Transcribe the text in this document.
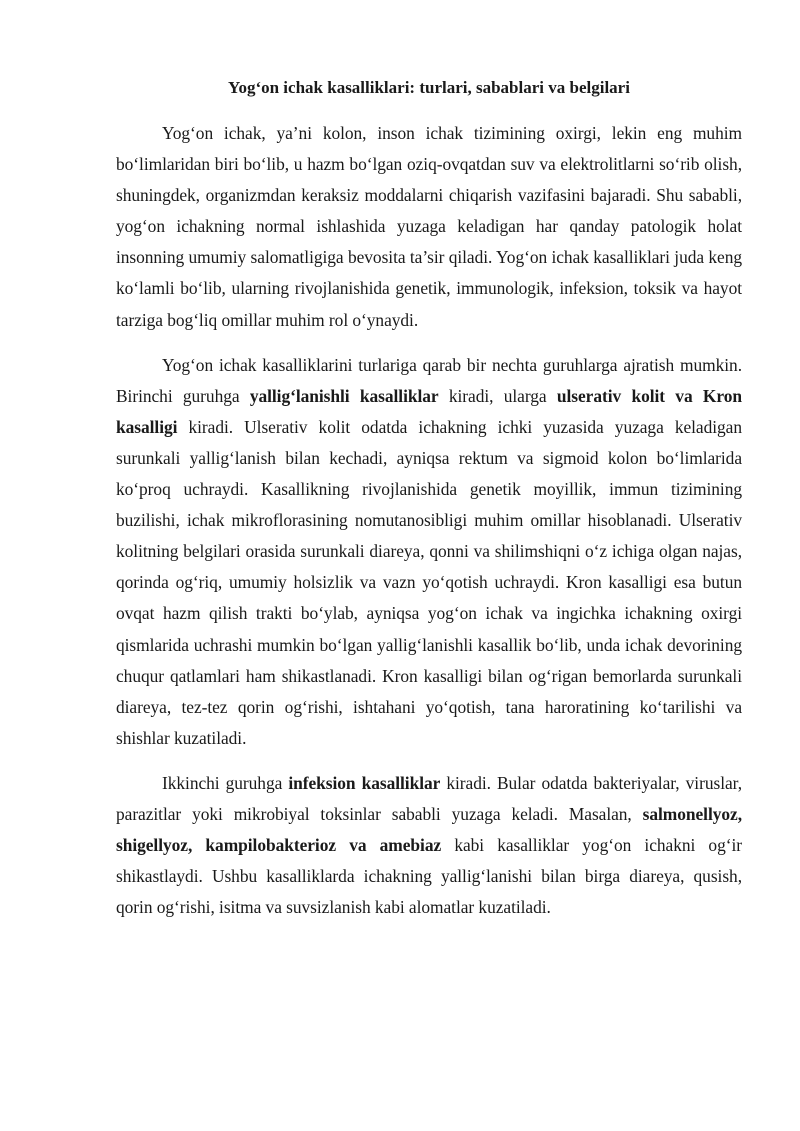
Yog‘on ichak kasalliklari: turlari, sabablari va belgilari

Yog‘on ichak, ya’ni kolon, inson ichak tizimining oxirgi, lekin eng muhim bo‘limlaridan biri bo‘lib, u hazm bo‘lgan oziq-ovqatdan suv va elektrolitlarni so‘rib olish, shuningdek, organizmdan keraksiz moddalarni chiqarish vazifasini bajaradi. Shu sababli, yog‘on ichakning normal ishlashida yuzaga keladigan har qanday patologik holat insonning umumiy salomatligiga bevosita ta’sir qiladi. Yog‘on ichak kasalliklari juda keng ko‘lamli bo‘lib, ularning rivojlanishida genetik, immunologik, infeksion, toksik va hayot tarziga bog‘liq omillar muhim rol o‘ynaydi.

Yog‘on ichak kasalliklarini turlariga qarab bir nechta guruhlarga ajratish mumkin. Birinchi guruhga yallig‘lanishli kasalliklar kiradi, ularga ulserativ kolit va Kron kasalligi kiradi. Ulserativ kolit odatda ichakning ichki yuzasida yuzaga keladigan surunkali yallig‘lanish bilan kechadi, ayniqsa rektum va sigmoid kolon bo‘limlarida ko‘proq uchraydi. Kasallikning rivojlanishida genetik moyillik, immun tizimining buzilishi, ichak mikroflorasining nomutanosibligi muhim omillar hisoblanadi. Ulserativ kolitning belgilari orasida surunkali diareya, qonni va shilimshiqni o‘z ichiga olgan najas, qorinda og‘riq, umumiy holsizlik va vazn yo‘qotish uchraydi. Kron kasalligi esa butun ovqat hazm qilish trakti bo‘ylab, ayniqsa yog‘on ichak va ingichka ichakning oxirgi qismlarida uchrashi mumkin bo‘lgan yallig‘lanishli kasallik bo‘lib, unda ichak devorining chuqur qatlamlari ham shikastlanadi. Kron kasalligi bilan og‘rigan bemorlarda surunkali diareya, tez-tez qorin og‘rishi, ishtahani yo‘qotish, tana haroratining ko‘tarilishi va shishlar kuzatiladi.

Ikkinchi guruhga infeksion kasalliklar kiradi. Bular odatda bakteriyalar, viruslar, parazitlar yoki mikrobiyal toksinlar sababli yuzaga keladi. Masalan, salmonellyoz, shigellyoz, kampilobakterioz va amebiaz kabi kasalliklar yog‘on ichakni og‘ir shikastlaydi. Ushbu kasalliklarda ichakning yallig‘lanishi bilan birga diareya, qusish, qorin og‘rishi, isitma va suvsizlanish kabi alomatlar kuzatiladi.
